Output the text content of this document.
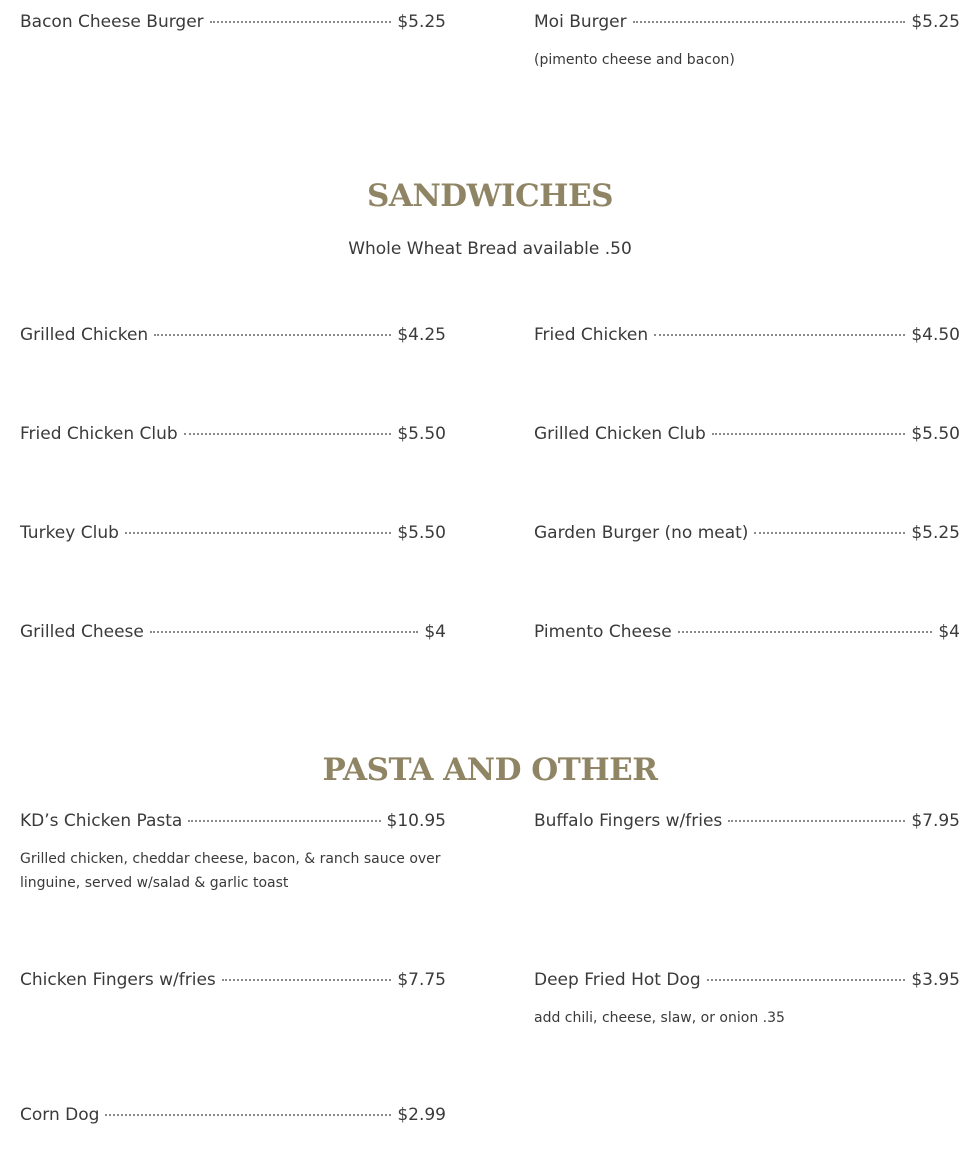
Bacon Cheese Burger	$5.25	Moi Burger	$5.25
(pimento cheese and bacon)
SANDWICHES
Whole Wheat Bread available .50
Grilled Chicken	$4.25	Fried Chicken	$4.50
Fried Chicken Club	$5.50	Grilled Chicken Club	$5.50
Turkey Club	$5.50	Garden Burger (no meat)	$5.25
Grilled Cheese	$4	Pimento Cheese	$4
PASTA AND OTHER
KD’s Chicken Pasta	$10.95
Grilled chicken, cheddar cheese, bacon, & ranch sauce over
linguine, served w/salad & garlic toast
Buffalo Fingers w/fries	$7.95
Chicken Fingers w/fries	$7.75	Deep Fried Hot Dog	$3.95
add chili, cheese, slaw, or onion .35
Corn Dog	$2.99
